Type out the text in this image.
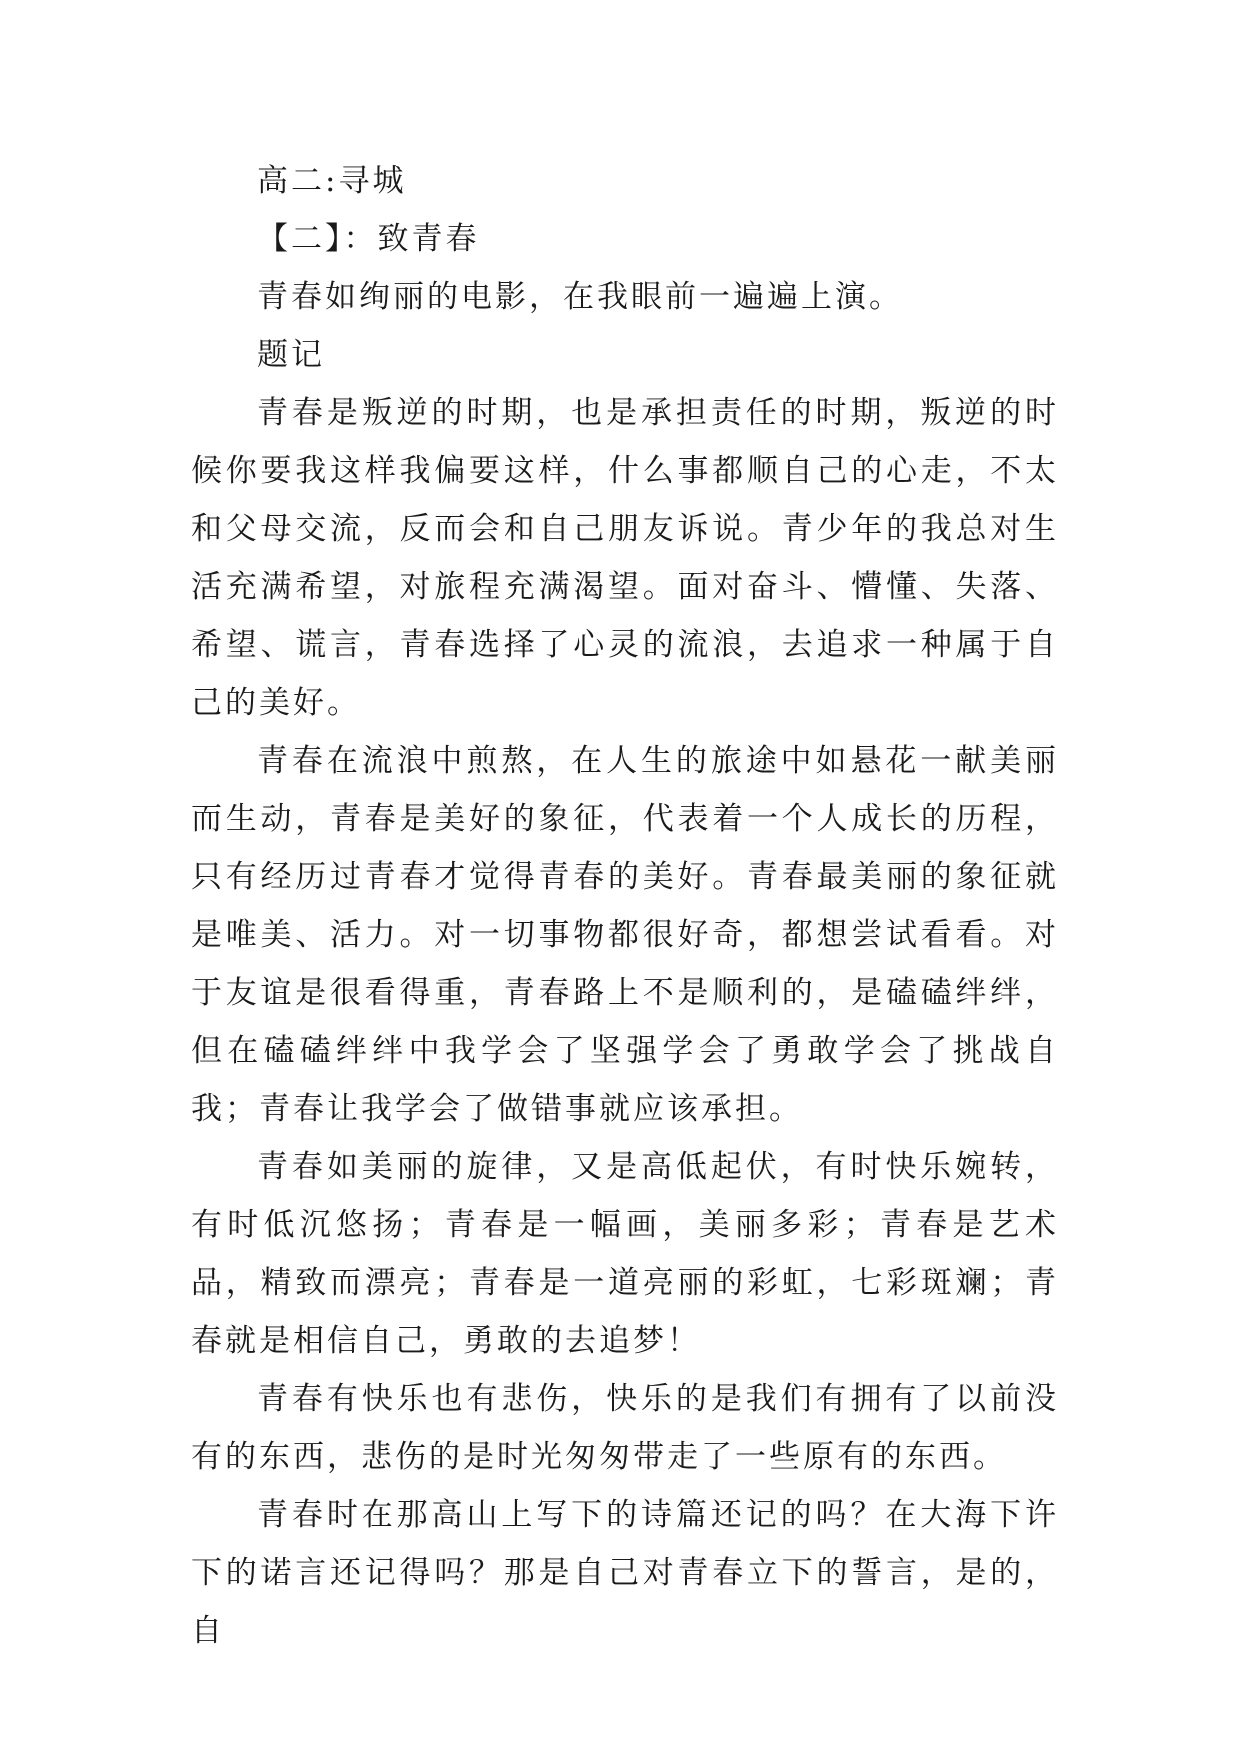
高二:寻城

【二】：致青春

青春如绚丽的电影，在我眼前一遍遍上演。

题记

青春是叛逆的时期，也是承担责任的时期，叛逆的时候你要我这样我偏要这样，什么事都顺自己的心走，不太和父母交流，反而会和自己朋友诉说。青少年的我总对生活充满希望，对旅程充满渴望。面对奋斗、懵懂、失落、希望、谎言，青春选择了心灵的流浪，去追求一种属于自己的美好。

青春在流浪中煎熬，在人生的旅途中如悬花一献美丽而生动，青春是美好的象征，代表着一个人成长的历程，只有经历过青春才觉得青春的美好。青春最美丽的象征就是唯美、活力。对一切事物都很好奇，都想尝试看看。对于友谊是很看得重，青春路上不是顺利的，是磕磕绊绊，但在磕磕绊绊中我学会了坚强学会了勇敢学会了挑战自我；青春让我学会了做错事就应该承担。

青春如美丽的旋律，又是高低起伏，有时快乐婉转，有时低沉悠扬；青春是一幅画，美丽多彩；青春是艺术品，精致而漂亮；青春是一道亮丽的彩虹，七彩斑斓；青春就是相信自己，勇敢的去追梦！

青春有快乐也有悲伤，快乐的是我们有拥有了以前没有的东西，悲伤的是时光匆匆带走了一些原有的东西。

青春时在那高山上写下的诗篇还记的吗？在大海下许下的诺言还记得吗？那是自己对青春立下的誓言，是的，自
